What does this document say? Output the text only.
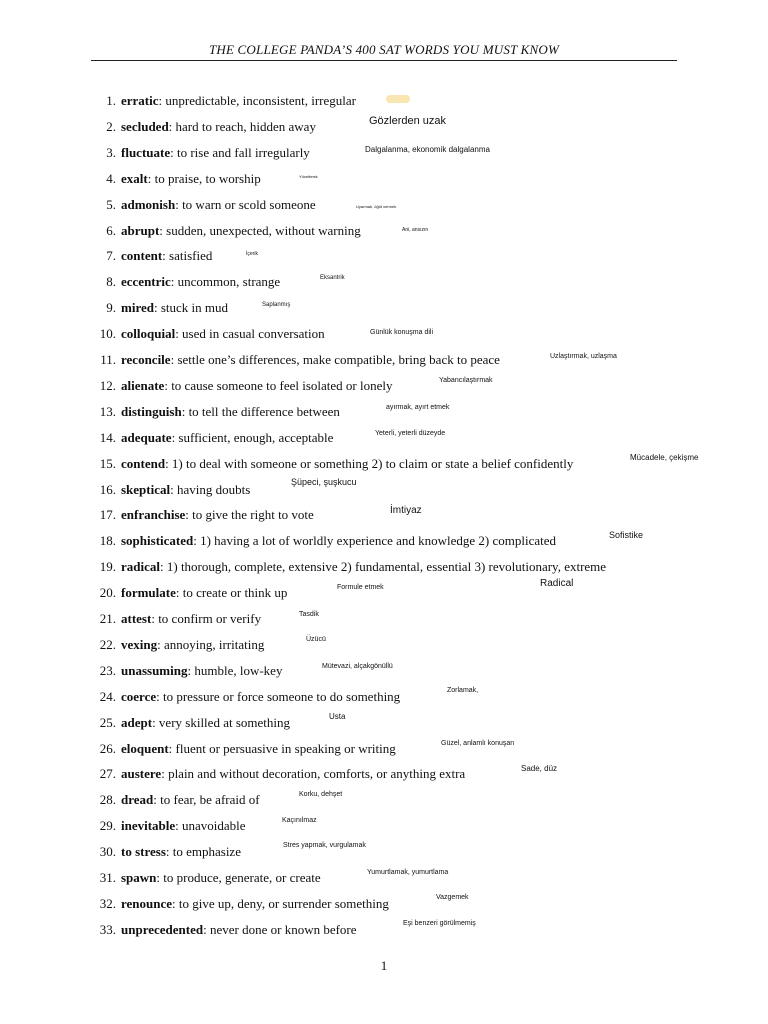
THE COLLEGE PANDA’S 400 SAT WORDS YOU MUST KNOW
1. erratic: unpredictable, inconsistent, irregular
2. secluded: hard to reach, hidden away
3. fluctuate: to rise and fall irregularly
4. exalt: to praise, to worship
5. admonish: to warn or scold someone
6. abrupt: sudden, unexpected, without warning
7. content: satisfied
8. eccentric: uncommon, strange
9. mired: stuck in mud
10. colloquial: used in casual conversation
11. reconcile: settle one’s differences, make compatible, bring back to peace
12. alienate: to cause someone to feel isolated or lonely
13. distinguish: to tell the difference between
14. adequate: sufficient, enough, acceptable
15. contend: 1) to deal with someone or something 2) to claim or state a belief confidently
16. skeptical: having doubts
17. enfranchise: to give the right to vote
18. sophisticated: 1) having a lot of worldly experience and knowledge 2) complicated
19. radical: 1) thorough, complete, extensive 2) fundamental, essential 3) revolutionary, extreme
20. formulate: to create or think up
21. attest: to confirm or verify
22. vexing: annoying, irritating
23. unassuming: humble, low-key
24. coerce: to pressure or force someone to do something
25. adept: very skilled at something
26. eloquent: fluent or persuasive in speaking or writing
27. austere: plain and without decoration, comforts, or anything extra
28. dread: to fear, be afraid of
29. inevitable: unavoidable
30. to stress: to emphasize
31. spawn: to produce, generate, or create
32. renounce: to give up, deny, or surrender something
33. unprecedented: never done or known before
Radical
1
Gözlerden uzak
Dalgalanma, ekonomik dalgalanma
Yüceltmek
Uyarmak, öğüt vermek
Ani, ansızın
İçerik
Eksantrik
Saplanmış
Günlük konuşma dili
Uzlaştırmak, uzlaşma
Yabancılaştırmak
ayırmak, ayırt etmek
Yeterli, yeterli düzeyde
Mücadele, çekişme
Şüpeci, şuşkucu
İmtiyaz
Sofistike
Formule etmek
Tasdik
Üzücü
Mütevazi, alçakgönüllü
Zorlamak,
Usta
Güzel, anlamlı konuşan
Sade, düz
Korku, dehşet
Kaçınılmaz
Stres yapmak, vurgulamak
Yumurtlamak, yumurtlama
Vazgemek
Eşi benzeri görülmemiş
